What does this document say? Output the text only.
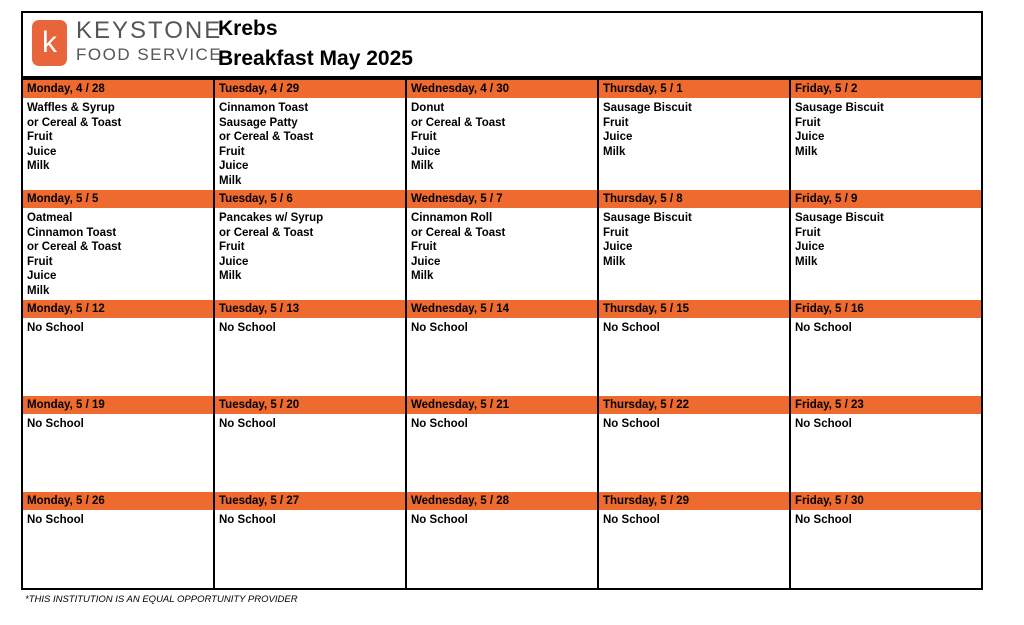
k KEYSTONE
FOOD SERVICE
Krebs
Breakfast May 2025
Monday, 4 / 28
Waffles & Syrup
or Cereal & Toast
Fruit
Juice
Milk
Tuesday, 4 / 29
Cinnamon Toast
Sausage Patty
or Cereal & Toast
Fruit
Juice
Milk
Wednesday, 4 / 30
Donut
or Cereal & Toast
Fruit
Juice
Milk
Thursday, 5 / 1
Sausage Biscuit
Fruit
Juice
Milk
Friday, 5 / 2
Sausage Biscuit
Fruit
Juice
Milk
Monday, 5 / 5
Oatmeal
Cinnamon Toast
or Cereal & Toast
Fruit
Juice
Milk
Tuesday, 5 / 6
Pancakes w/ Syrup
or Cereal & Toast
Fruit
Juice
Milk
Wednesday, 5 / 7
Cinnamon Roll
or Cereal & Toast
Fruit
Juice
Milk
Thursday, 5 / 8
Sausage Biscuit
Fruit
Juice
Milk
Friday, 5 / 9
Sausage Biscuit
Fruit
Juice
Milk
Monday, 5 / 12
No School
Tuesday, 5 / 13
No School
Wednesday, 5 / 14
No School
Thursday, 5 / 15
No School
Friday, 5 / 16
No School
Monday, 5 / 19
No School
Tuesday, 5 / 20
No School
Wednesday, 5 / 21
No School
Thursday, 5 / 22
No School
Friday, 5 / 23
No School
Monday, 5 / 26
No School
Tuesday, 5 / 27
No School
Wednesday, 5 / 28
No School
Thursday, 5 / 29
No School
Friday, 5 / 30
No School
*THIS INSTITUTION IS AN EQUAL OPPORTUNITY PROVIDER
